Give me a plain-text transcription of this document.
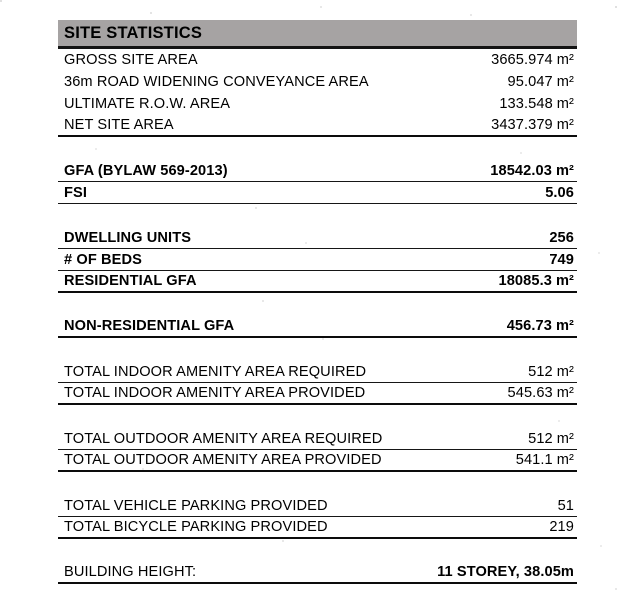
SITE STATISTICS
GROSS SITE AREA	3665.974 m²
36m ROAD WIDENING CONVEYANCE AREA	95.047 m²
ULTIMATE R.O.W. AREA	133.548 m²
NET SITE AREA	3437.379 m²
GFA (BYLAW 569-2013)	18542.03 m²
FSI	5.06
DWELLING UNITS	256
# OF BEDS	749
RESIDENTIAL GFA	18085.3 m²
NON-RESIDENTIAL GFA	456.73 m²
TOTAL INDOOR AMENITY AREA REQUIRED	512 m²
TOTAL INDOOR AMENITY AREA PROVIDED	545.63 m²
TOTAL OUTDOOR AMENITY AREA REQUIRED	512 m²
TOTAL OUTDOOR AMENITY AREA PROVIDED	541.1 m²
TOTAL VEHICLE PARKING PROVIDED	51
TOTAL BICYCLE PARKING PROVIDED	219
BUILDING HEIGHT:	11 STOREY, 38.05m
